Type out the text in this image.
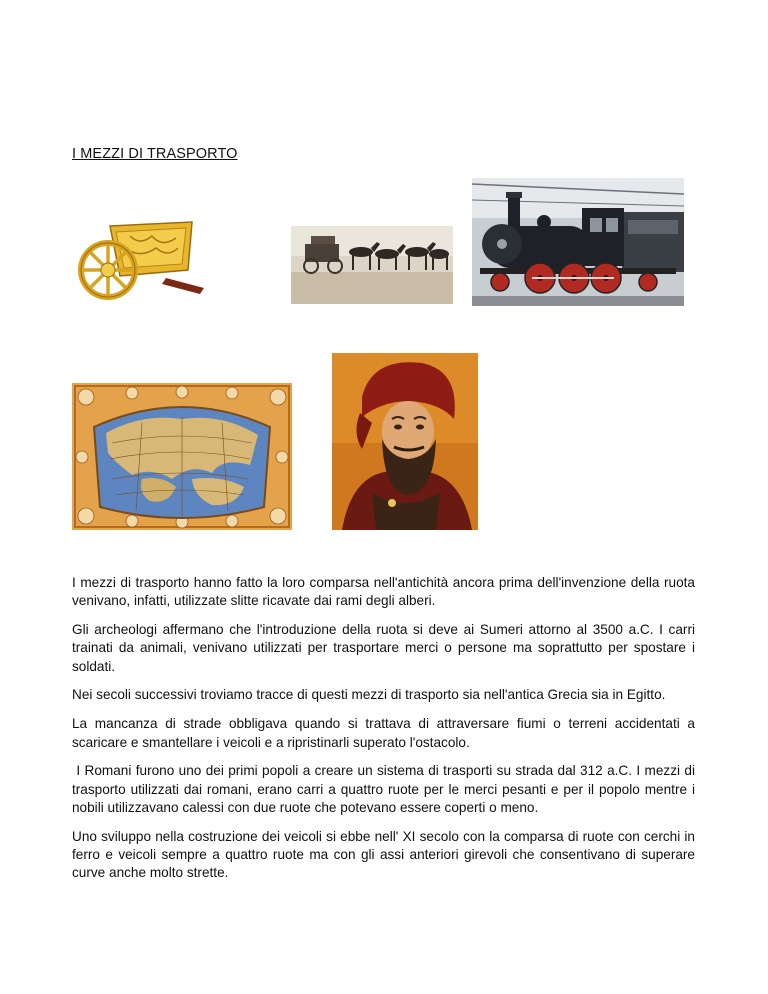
I MEZZI DI TRASPORTO

I mezzi di trasporto hanno fatto la loro comparsa nell'antichità ancora prima dell'invenzione della ruota venivano, infatti, utilizzate slitte ricavate dai rami degli alberi.

Gli archeologi affermano che l'introduzione della ruota si deve ai Sumeri attorno al 3500 a.C. I carri trainati da animali, venivano utilizzati per trasportare merci o persone ma soprattutto per spostare i soldati.

Nei secoli successivi troviamo tracce di questi mezzi di trasporto sia nell'antica Grecia sia in Egitto.

La mancanza di strade obbligava quando si trattava di attraversare fiumi o terreni accidentati a scaricare e smantellare i veicoli e a ripristinarli superato l'ostacolo.

I Romani furono uno dei primi popoli a creare un sistema di trasporti su strada dal 312 a.C. I mezzi di trasporto utilizzati dai romani, erano carri a quattro ruote per le merci pesanti e per il popolo mentre i nobili utilizzavano calessi con due ruote che potevano essere coperti o meno.

Uno sviluppo nella costruzione dei veicoli si ebbe nell' XI secolo con la comparsa di ruote con cerchi in ferro e veicoli sempre a quattro ruote ma con gli assi anteriori girevoli che consentivano di superare curve anche molto strette.
